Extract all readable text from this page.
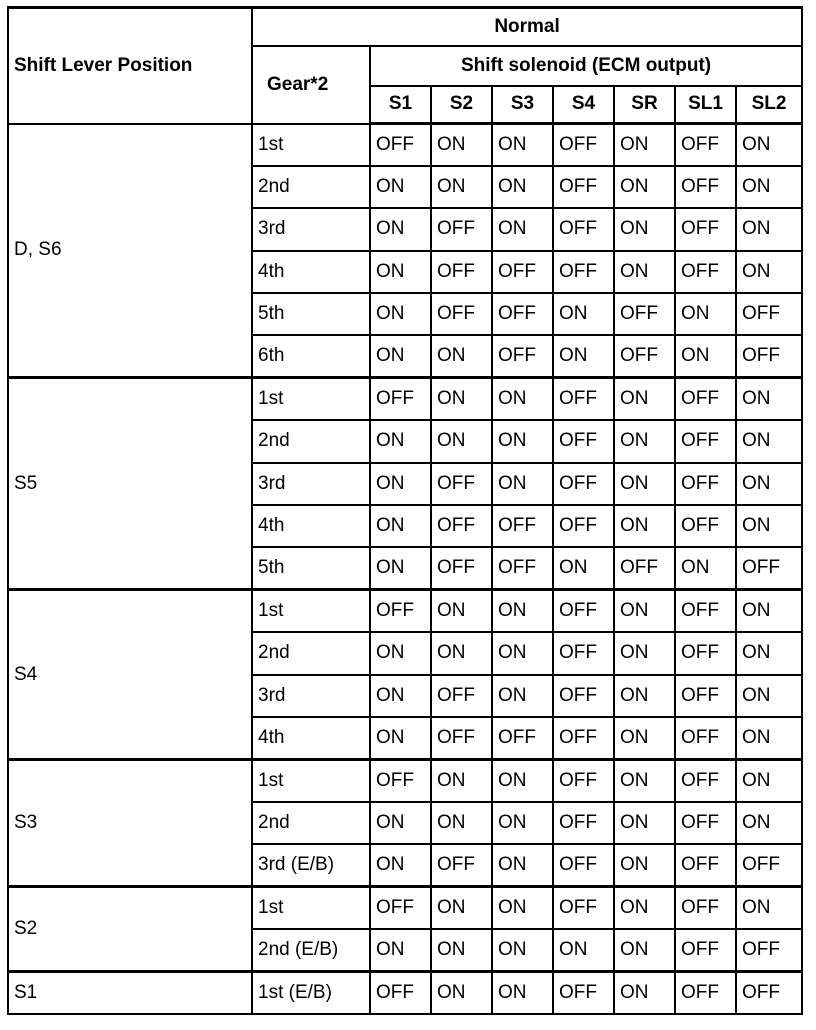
Shift Lever Position	Normal							
	Gear*2	Shift solenoid (ECM output)						
		S1	S2	S3	S4	SR	SL1	SL2
D, S6	1st	OFF	ON	ON	OFF	ON	OFF	ON
	2nd	ON	ON	ON	OFF	ON	OFF	ON
	3rd	ON	OFF	ON	OFF	ON	OFF	ON
	4th	ON	OFF	OFF	OFF	ON	OFF	ON
	5th	ON	OFF	OFF	ON	OFF	ON	OFF
	6th	ON	ON	OFF	ON	OFF	ON	OFF
S5	1st	OFF	ON	ON	OFF	ON	OFF	ON
	2nd	ON	ON	ON	OFF	ON	OFF	ON
	3rd	ON	OFF	ON	OFF	ON	OFF	ON
	4th	ON	OFF	OFF	OFF	ON	OFF	ON
	5th	ON	OFF	OFF	ON	OFF	ON	OFF
S4	1st	OFF	ON	ON	OFF	ON	OFF	ON
	2nd	ON	ON	ON	OFF	ON	OFF	ON
	3rd	ON	OFF	ON	OFF	ON	OFF	ON
	4th	ON	OFF	OFF	OFF	ON	OFF	ON
S3	1st	OFF	ON	ON	OFF	ON	OFF	ON
	2nd	ON	ON	ON	OFF	ON	OFF	ON
	3rd (E/B)	ON	OFF	ON	OFF	ON	OFF	OFF
S2	1st	OFF	ON	ON	OFF	ON	OFF	ON
	2nd (E/B)	ON	ON	ON	ON	ON	OFF	OFF
S1	1st (E/B)	OFF	ON	ON	OFF	ON	OFF	OFF
